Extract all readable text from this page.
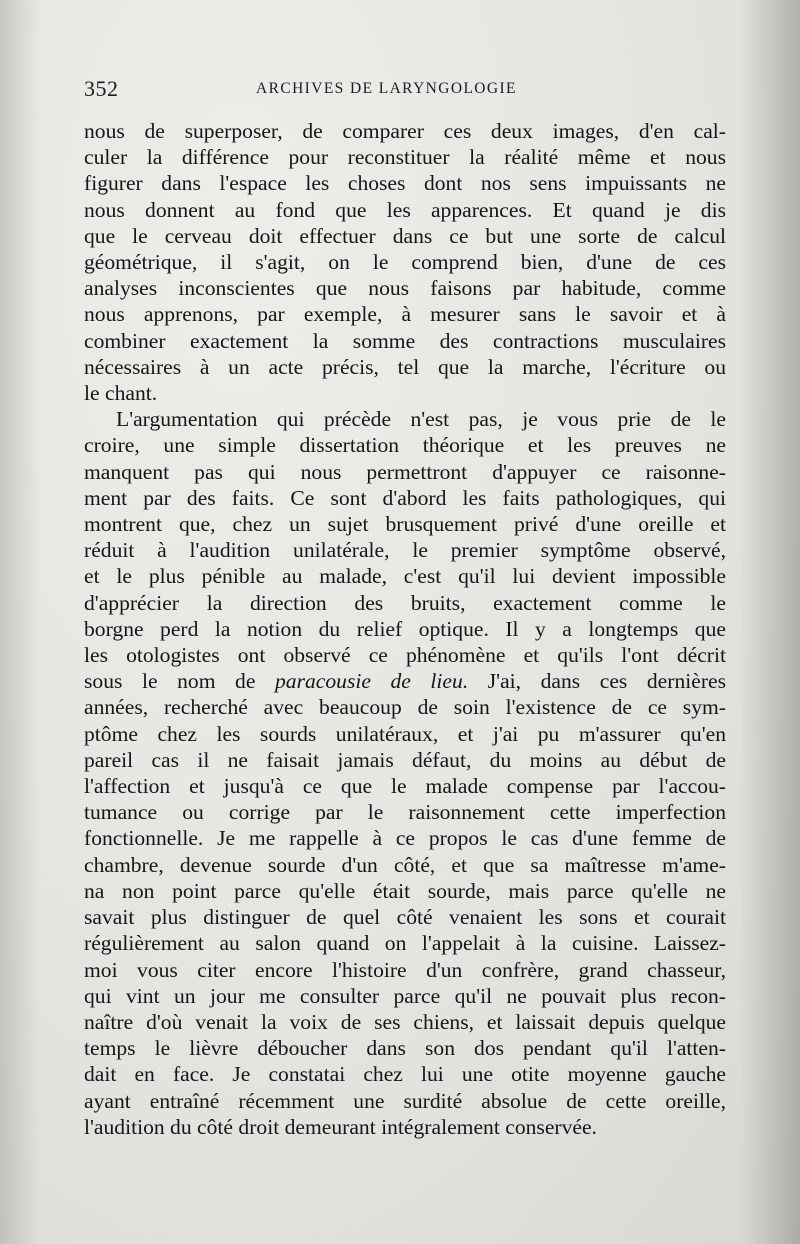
352	ARCHIVES DE LARYNGOLOGIE
nous de superposer, de comparer ces deux images, d'en cal-
culer la différence pour reconstituer la réalité même et nous
figurer dans l'espace les choses dont nos sens impuissants ne
nous donnent au fond que les apparences. Et quand je dis
que le cerveau doit effectuer dans ce but une sorte de calcul
géométrique, il s'agit, on le comprend bien, d'une de ces
analyses inconscientes que nous faisons par habitude, comme
nous apprenons, par exemple, à mesurer sans le savoir et à
combiner exactement la somme des contractions musculaires
nécessaires à un acte précis, tel que la marche, l'écriture ou
le chant.
L'argumentation qui précède n'est pas, je vous prie de le
croire, une simple dissertation théorique et les preuves ne
manquent pas qui nous permettront d'appuyer ce raisonne-
ment par des faits. Ce sont d'abord les faits pathologiques, qui
montrent que, chez un sujet brusquement privé d'une oreille et
réduit à l'audition unilatérale, le premier symptôme observé,
et le plus pénible au malade, c'est qu'il lui devient impossible
d'apprécier la direction des bruits, exactement comme le
borgne perd la notion du relief optique. Il y a longtemps que
les otologistes ont observé ce phénomène et qu'ils l'ont décrit
sous le nom de paracousie de lieu. J'ai, dans ces dernières
années, recherché avec beaucoup de soin l'existence de ce sym-
ptôme chez les sourds unilatéraux, et j'ai pu m'assurer qu'en
pareil cas il ne faisait jamais défaut, du moins au début de
l'affection et jusqu'à ce que le malade compense par l'accou-
tumance ou corrige par le raisonnement cette imperfection
fonctionnelle. Je me rappelle à ce propos le cas d'une femme de
chambre, devenue sourde d'un côté, et que sa maîtresse m'ame-
na non point parce qu'elle était sourde, mais parce qu'elle ne
savait plus distinguer de quel côté venaient les sons et courait
régulièrement au salon quand on l'appelait à la cuisine. Laissez-
moi vous citer encore l'histoire d'un confrère, grand chasseur,
qui vint un jour me consulter parce qu'il ne pouvait plus recon-
naître d'où venait la voix de ses chiens, et laissait depuis quelque
temps le lièvre déboucher dans son dos pendant qu'il l'atten-
dait en face. Je constatai chez lui une otite moyenne gauche
ayant entraîné récemment une surdité absolue de cette oreille,
l'audition du côté droit demeurant intégralement conservée.
